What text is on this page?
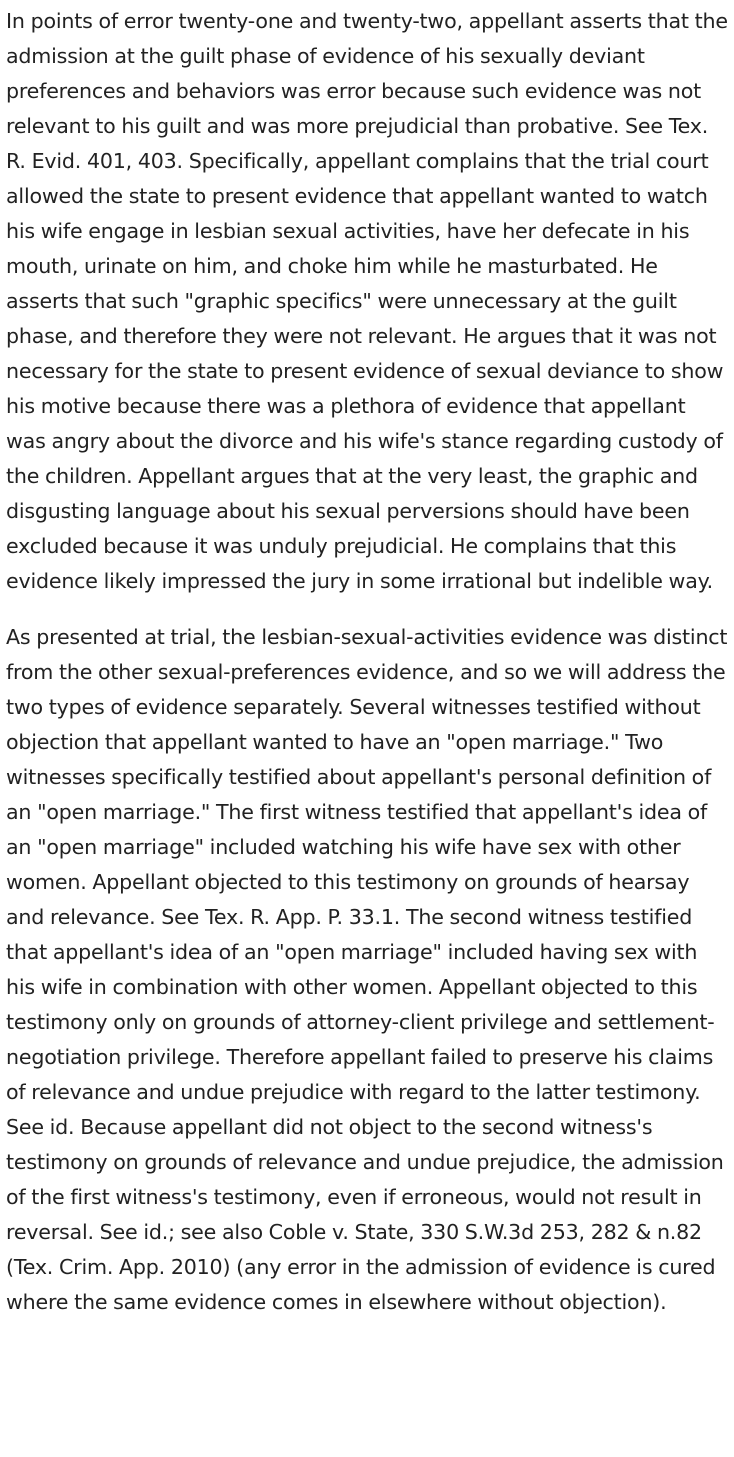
In points of error twenty-one and twenty-two, appellant asserts that the admission at the guilt phase of evidence of his sexually deviant preferences and behaviors was error because such evidence was not relevant to his guilt and was more prejudicial than probative. See Tex. R. Evid. 401, 403. Specifically, appellant complains that the trial court allowed the state to present evidence that appellant wanted to watch his wife engage in lesbian sexual activities, have her defecate in his mouth, urinate on him, and choke him while he masturbated. He asserts that such "graphic specifics" were unnecessary at the guilt phase, and therefore they were not relevant. He argues that it was not necessary for the state to present evidence of sexual deviance to show his motive because there was a plethora of evidence that appellant was angry about the divorce and his wife's stance regarding custody of the children. Appellant argues that at the very least, the graphic and disgusting language about his sexual perversions should have been excluded because it was unduly prejudicial. He complains that this evidence likely impressed the jury in some irrational but indelible way.

As presented at trial, the lesbian-sexual-activities evidence was distinct from the other sexual-preferences evidence, and so we will address the two types of evidence separately. Several witnesses testified without objection that appellant wanted to have an "open marriage." Two witnesses specifically testified about appellant's personal definition of an "open marriage." The first witness testified that appellant's idea of an "open marriage" included watching his wife have sex with other women. Appellant objected to this testimony on grounds of hearsay and relevance. See Tex. R. App. P. 33.1. The second witness testified that appellant's idea of an "open marriage" included having sex with his wife in combination with other women. Appellant objected to this testimony only on grounds of attorney-client privilege and settlement-negotiation privilege. Therefore appellant failed to preserve his claims of relevance and undue prejudice with regard to the latter testimony. See id. Because appellant did not object to the second witness's testimony on grounds of relevance and undue prejudice, the admission of the first witness's testimony, even if erroneous, would not result in reversal. See id.; see also Coble v. State, 330 S.W.3d 253, 282 & n.82 (Tex. Crim. App. 2010) (any error in the admission of evidence is cured where the same evidence comes in elsewhere without objection).
